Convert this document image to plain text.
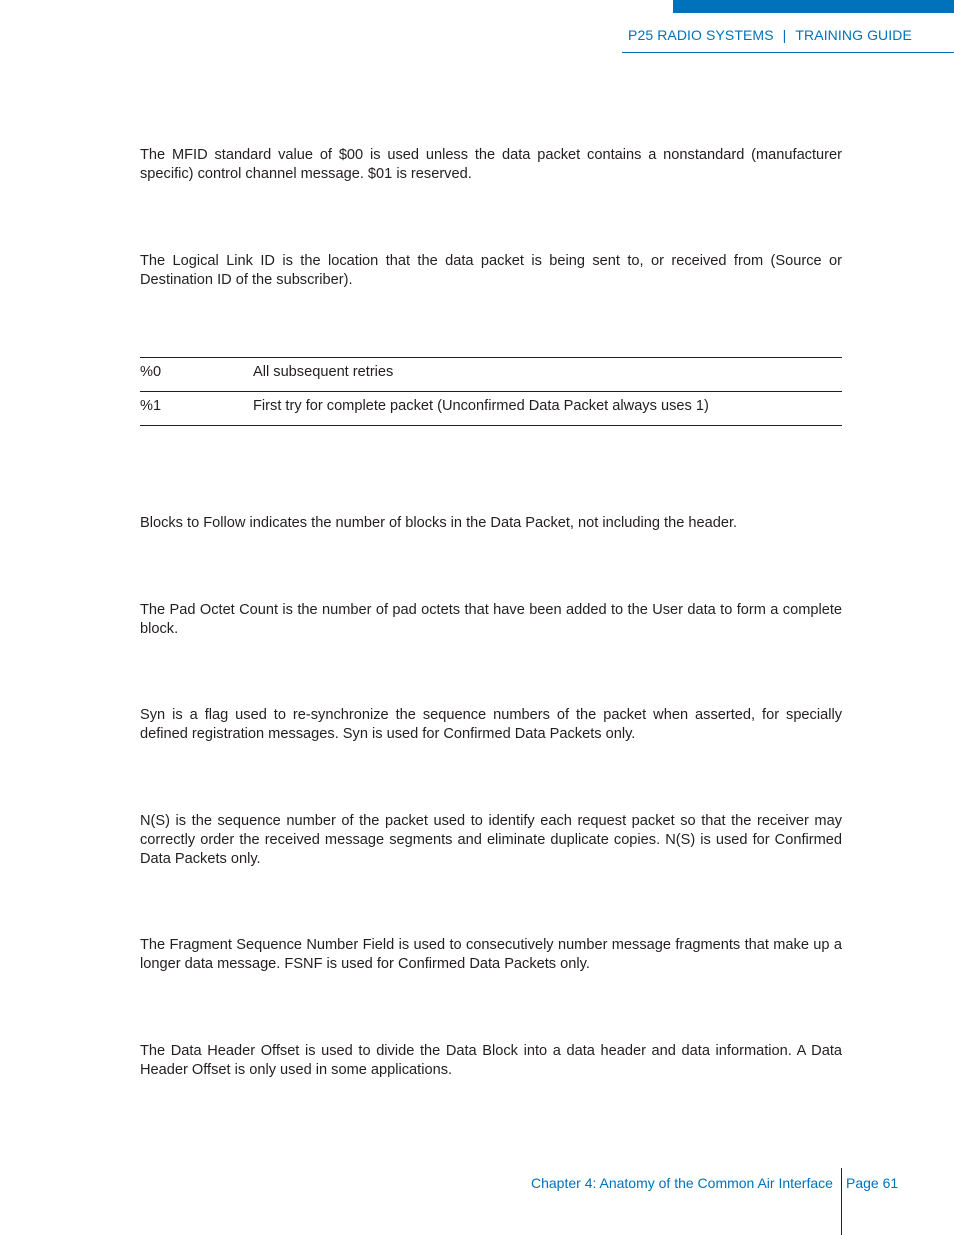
P25 RADIO SYSTEMS | TRAINING GUIDE

The MFID standard value of $00 is used unless the data packet contains a nonstandard (manufacturer specific) control channel message. $01 is reserved.

The Logical Link ID is the location that the data packet is being sent to, or received from (Source or Destination ID of the subscriber).

%0	All subsequent retries
%1	First try for complete packet (Unconfirmed Data Packet always uses 1)

Blocks to Follow indicates the number of blocks in the Data Packet, not including the header.

The Pad Octet Count is the number of pad octets that have been added to the User data to form a complete block.

Syn is a flag used to re-synchronize the sequence numbers of the packet when asserted, for specially defined registration messages. Syn is used for Confirmed Data Packets only.

N(S) is the sequence number of the packet used to identify each request packet so that the receiver may correctly order the received message segments and eliminate duplicate copies. N(S) is used for Confirmed Data Packets only.

The Fragment Sequence Number Field is used to consecutively number message fragments that make up a longer data message. FSNF is used for Confirmed Data Packets only.

The Data Header Offset is used to divide the Data Block into a data header and data information. A Data Header Offset is only used in some applications.

Chapter 4: Anatomy of the Common Air Interface Page 61
